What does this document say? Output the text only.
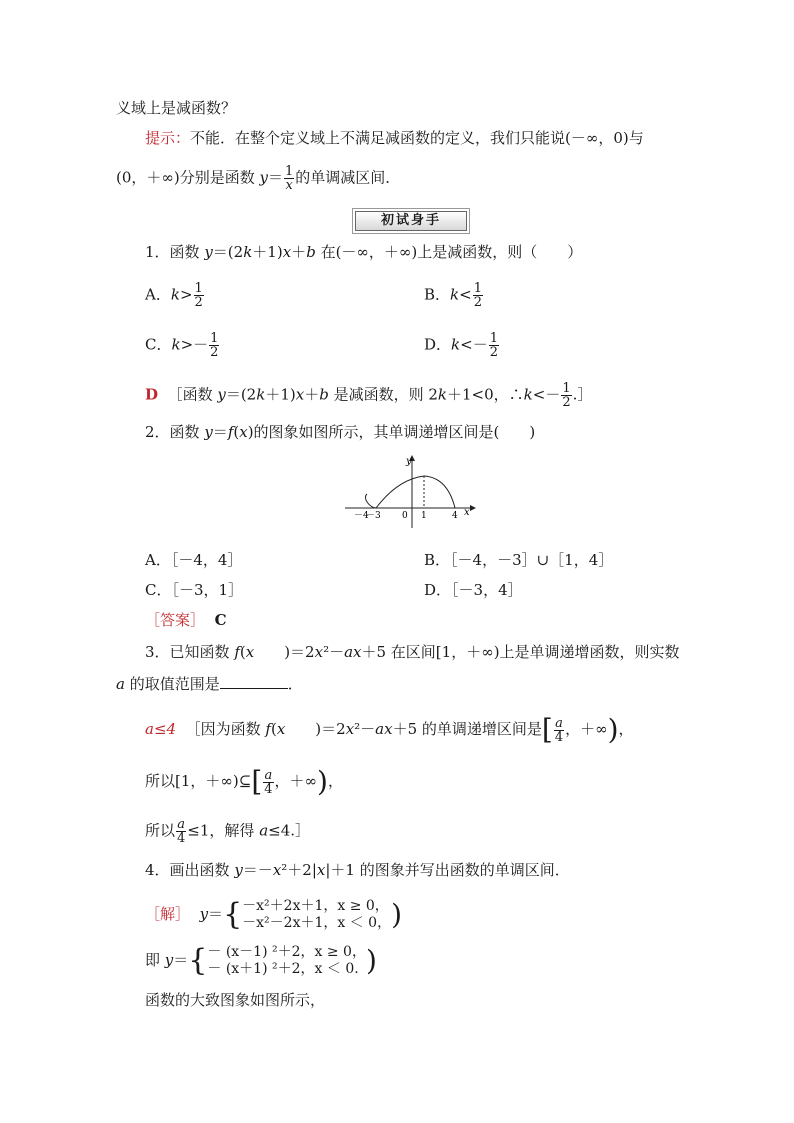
义域上是减函数？
提示：不能．在整个定义域上不满足减函数的定义，我们只能说(－∞，0)与
(0，＋∞)分别是函数 $y= \frac{1}{x}$ 的单调减区间．
初试身手
1．函数 y＝(2k＋1)x＋b 在(－∞，＋∞)上是减函数，则（　　）
A．$k> \frac{1}{2}$	B．$k< \frac{1}{2}$
C．$k>- \frac{1}{2}$	D．$k<- \frac{1}{2}$
D ［函数 y＝(2k＋1)x＋b 是减函数，则 2k＋1<0，∴k<－ $\frac{1}{2}$ .］
2．函数 y＝f(x)的图象如图所示，其单调递增区间是(　　)
y
x
－4
－3 0 1	4
A．［－4，4］	B．［－4，－3］∪［1，4］
C．［－3，1］	D．［－3，4］
［答案］ C
3．已知函数 f(x　　)＝2x²－ax＋5 在区间[1，＋∞)上是单调递增函数，则实数
a 的取值范围是	．
a≤4 ［因为函数 f(x　　)＝2x²－ax＋5 的单调递增区间是[ $\frac{a}{4}$ ，＋∞)，
所以[1，＋∞)⊆[ $\frac{a}{4}$ ，＋∞)，
所以 $\frac{a}{4} \le 1$，解得 a≤4.］
4．画出函数 y＝－x²＋2|x|＋1 的图象并写出函数的单调区间．
［解］ y＝{ －x²＋2x＋1，x ≥ 0，
－x²－2x＋1，x ＜ 0， )
即 y＝{ － (x－1) ²＋2，x ≥ 0，
－ (x＋1) ²＋2，x ＜ 0. )
函数的大致图象如图所示，
